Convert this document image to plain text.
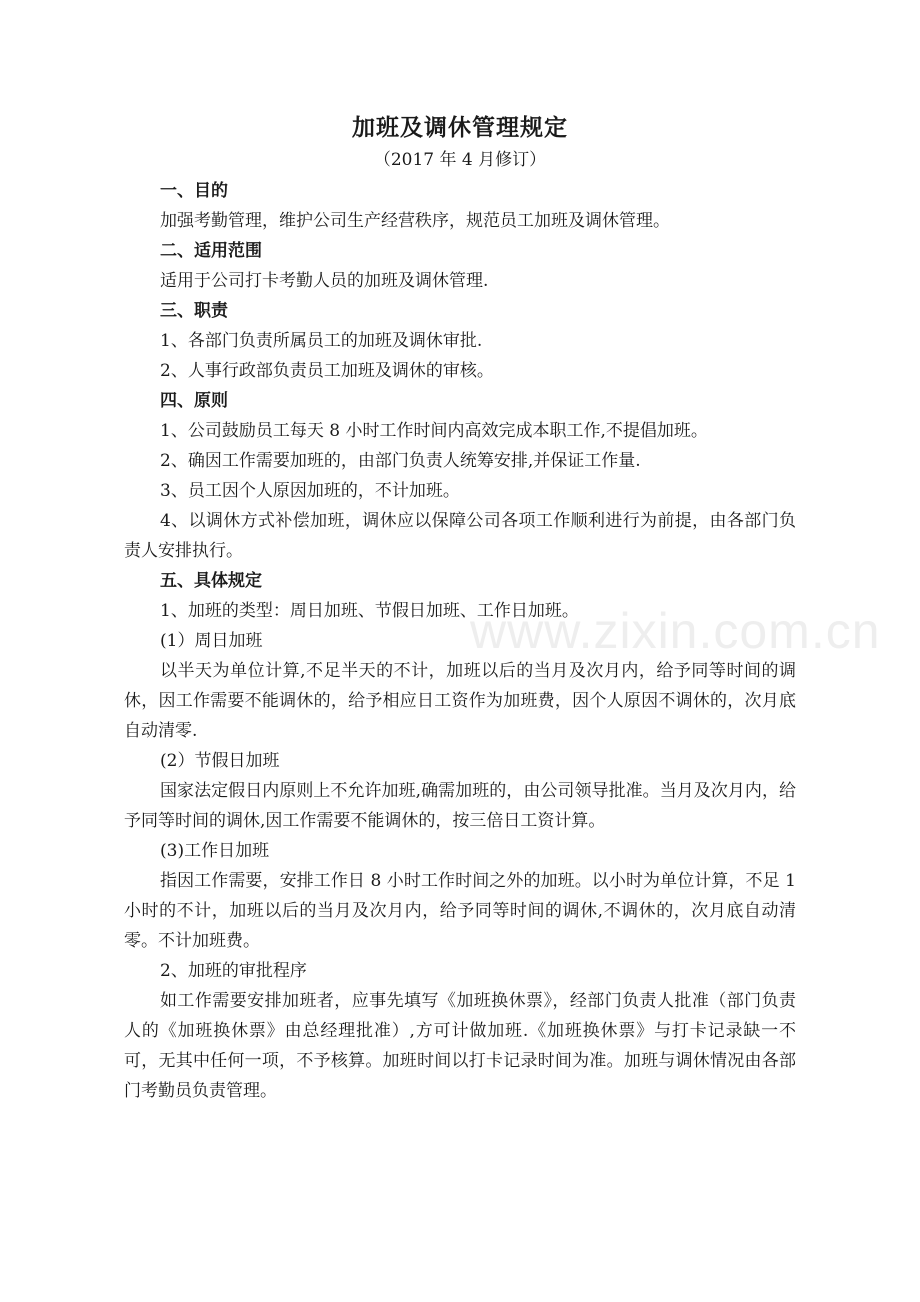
加班及调休管理规定
（2017 年 4 月修订）
一、目的
加强考勤管理，维护公司生产经营秩序，规范员工加班及调休管理。
二、适用范围
适用于公司打卡考勤人员的加班及调休管理.
三、职责
1、各部门负责所属员工的加班及调休审批.
2、人事行政部负责员工加班及调休的审核。
四、原则
1、公司鼓励员工每天 8 小时工作时间内高效完成本职工作,不提倡加班。
2、确因工作需要加班的，由部门负责人统筹安排,并保证工作量.
3、员工因个人原因加班的，不计加班。
4、以调休方式补偿加班，调休应以保障公司各项工作顺利进行为前提，由各部门负责人安排执行。
五、具体规定
1、加班的类型：周日加班、节假日加班、工作日加班。
(1）周日加班
以半天为单位计算,不足半天的不计，加班以后的当月及次月内，给予同等时间的调休，因工作需要不能调休的，给予相应日工资作为加班费，因个人原因不调休的，次月底自动清零.
(2）节假日加班
国家法定假日内原则上不允许加班,确需加班的，由公司领导批准。当月及次月内，给予同等时间的调休,因工作需要不能调休的，按三倍日工资计算。
(3)工作日加班
指因工作需要，安排工作日 8 小时工作时间之外的加班。以小时为单位计算，不足 1 小时的不计，加班以后的当月及次月内，给予同等时间的调休,不调休的，次月底自动清零。不计加班费。
2、加班的审批程序
如工作需要安排加班者，应事先填写《加班换休票》，经部门负责人批准（部门负责人的《加班换休票》由总经理批准）,方可计做加班.《加班换休票》与打卡记录缺一不可，无其中任何一项，不予核算。加班时间以打卡记录时间为准。加班与调休情况由各部门考勤员负责管理。
www.zixin.com.cn
